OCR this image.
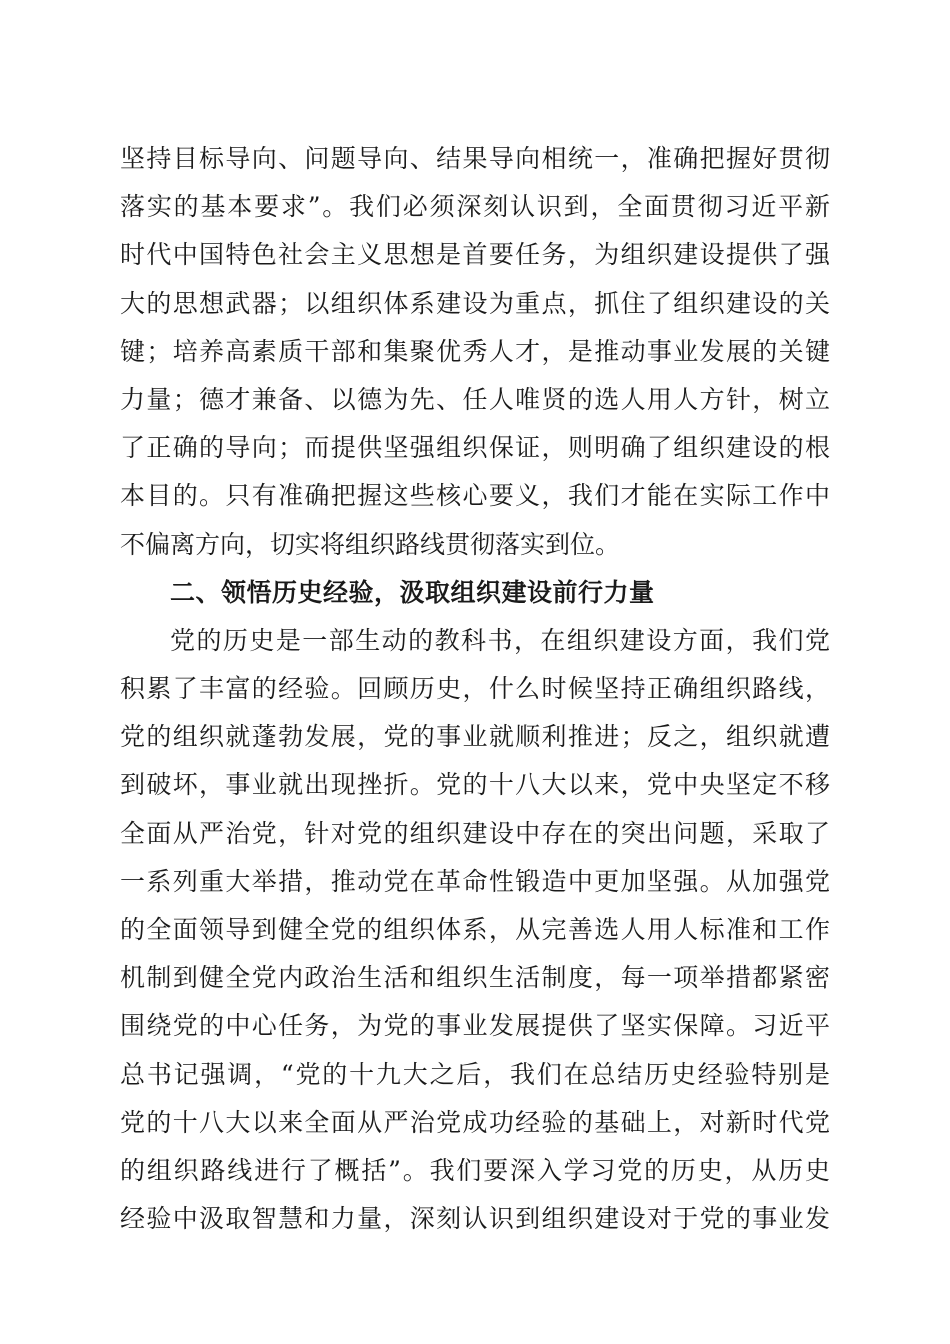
坚持目标导向、问题导向、结果导向相统一，准确把握好贯彻
落实的基本要求”。我们必须深刻认识到，全面贯彻习近平新
时代中国特色社会主义思想是首要任务，为组织建设提供了强
大的思想武器；以组织体系建设为重点，抓住了组织建设的关
键；培养高素质干部和集聚优秀人才，是推动事业发展的关键
力量；德才兼备、以德为先、任人唯贤的选人用人方针，树立
了正确的导向；而提供坚强组织保证，则明确了组织建设的根
本目的。只有准确把握这些核心要义，我们才能在实际工作中
不偏离方向，切实将组织路线贯彻落实到位。
二、领悟历史经验，汲取组织建设前行力量
党的历史是一部生动的教科书，在组织建设方面，我们党
积累了丰富的经验。回顾历史，什么时候坚持正确组织路线，
党的组织就蓬勃发展，党的事业就顺利推进；反之，组织就遭
到破坏，事业就出现挫折。党的十八大以来，党中央坚定不移
全面从严治党，针对党的组织建设中存在的突出问题，采取了
一系列重大举措，推动党在革命性锻造中更加坚强。从加强党
的全面领导到健全党的组织体系，从完善选人用人标准和工作
机制到健全党内政治生活和组织生活制度，每一项举措都紧密
围绕党的中心任务，为党的事业发展提供了坚实保障。习近平
总书记强调，“党的十九大之后，我们在总结历史经验特别是
党的十八大以来全面从严治党成功经验的基础上，对新时代党
的组织路线进行了概括”。我们要深入学习党的历史，从历史
经验中汲取智慧和力量，深刻认识到组织建设对于党的事业发
